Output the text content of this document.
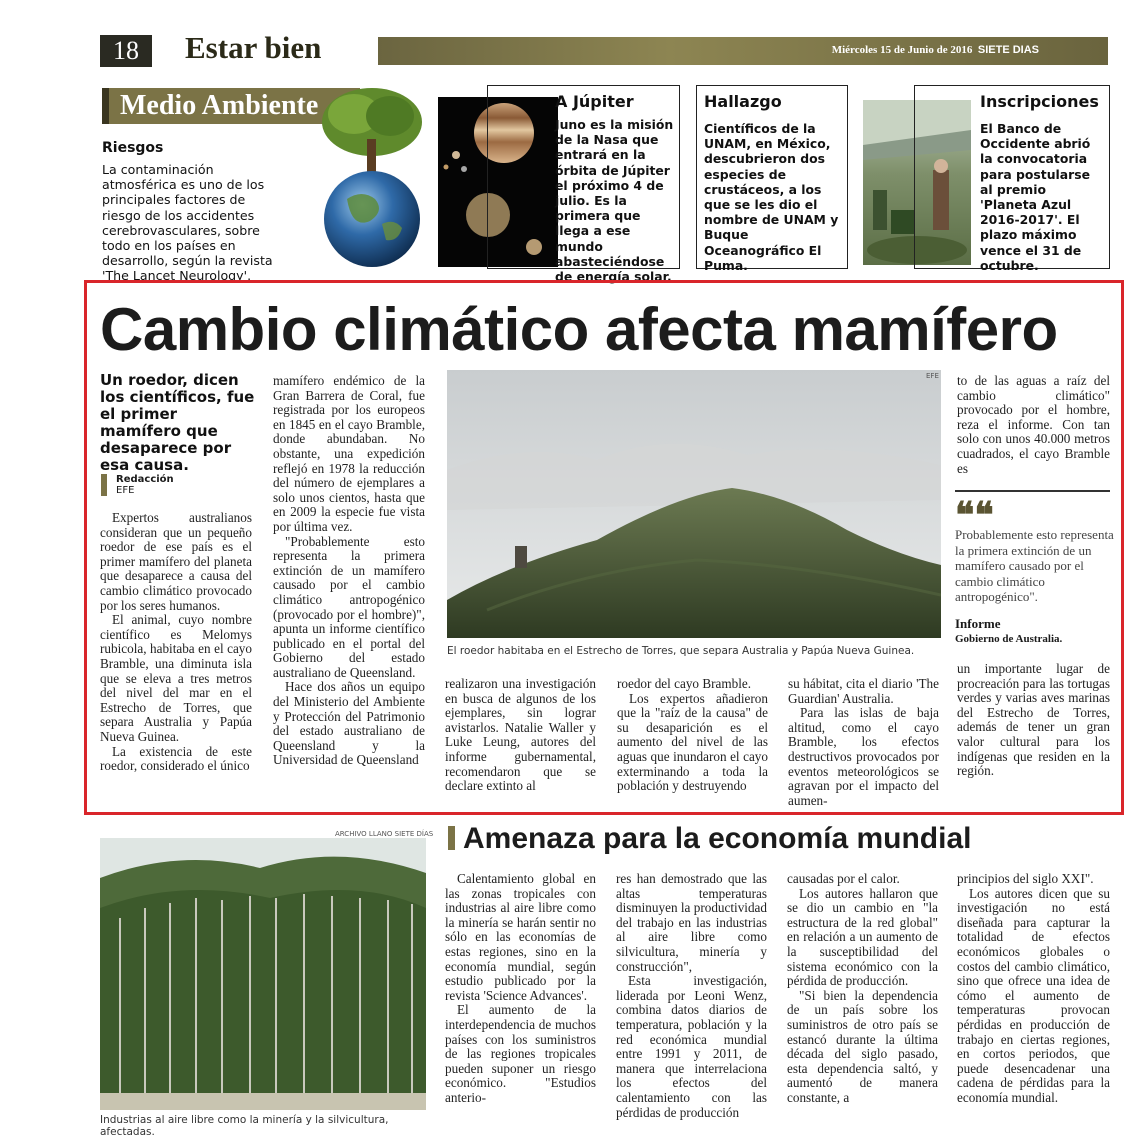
18	Estar bien	Miércoles 15 de Junio de 2016 SIETE DIAS
Medio Ambiente
Riesgos
La contaminación atmosférica es uno de los principales factores de riesgo de los accidentes cerebrovasculares, sobre todo en los países en desarrollo, según la revista 'The Lancet Neurology'.
A Júpiter
Juno es la misión de la Nasa que entrará en la órbita de Júpiter el próximo 4 de julio. Es la primera que llega a ese mundo abasteciéndose de energía solar.
Hallazgo
Científicos de la UNAM, en México, descubrieron dos especies de crustáceos, a los que se les dio el nombre de UNAM y Buque Oceanográfico El Puma.
Inscripciones
El Banco de Occidente abrió la convocatoria para postularse al premio 'Planeta Azul 2016-2017'. El plazo máximo vence el 31 de octubre.
Cambio climático afecta mamífero
Un roedor, dicen los científicos, fue el primer mamífero que desaparece por esa causa.
Redacción
EFE

Expertos australianos consideran que un pequeño roedor de ese país es el primer mamífero del planeta que desaparece a causa del cambio climático provocado por los seres humanos.

El animal, cuyo nombre científico es Melomys rubicola, habitaba en el cayo Bramble, una diminuta isla que se eleva a tres metros del nivel del mar en el Estrecho de Torres, que separa Australia y Papúa Nueva Guinea.

La existencia de este roedor, considerado el único

mamífero endémico de la Gran Barrera de Coral, fue registrada por los europeos en 1845 en el cayo Bramble, donde abundaban. No obstante, una expedición reflejó en 1978 la reducción del número de ejemplares a solo unos cientos, hasta que en 2009 la especie fue vista por última vez.

"Probablemente esto representa la primera extinción de un mamífero causado por el cambio climático antropogénico (provocado por el hombre)", apunta un informe científico publicado en el portal del Gobierno del estado australiano de Queensland.

Hace dos años un equipo del Ministerio del Ambiente y Protección del Patrimonio del estado australiano de Queensland y la Universidad de Queensland

EFE
El roedor habitaba en el Estrecho de Torres, que separa Australia y Papúa Nueva Guinea.

realizaron una investigación en busca de algunos de los ejemplares, sin lograr avistarlos. Natalie Waller y Luke Leung, autores del informe gubernamental, recomendaron que se declare extinto al

roedor del cayo Bramble.

Los expertos añadieron que la "raíz de la causa" de su desaparición es el aumento del nivel de las aguas que inundaron el cayo exterminando a toda la población y destruyendo

su hábitat, cita el diario 'The Guardian' Australia.

Para las islas de baja altitud, como el cayo Bramble, los efectos destructivos provocados por eventos meteorológicos se agravan por el impacto del aumen-

to de las aguas a raíz del cambio climático" provocado por el hombre, reza el informe. Con tan solo con unos 40.000 metros cuadrados, el cayo Bramble es

❝❝
Probablemente esto representa la primera extinción de un mamífero causado por el cambio climático antropogénico".
Informe
Gobierno de Australia.

un importante lugar de procreación para las tortugas verdes y varias aves marinas del Estrecho de Torres, además de tener un gran valor cultural para los indígenas que residen en la región.

Amenaza para la economía mundial
ARCHIVO LLANO SIETE DÍAS
Industrias al aire libre como la minería y la silvicultura, afectadas.

Calentamiento global en las zonas tropicales con industrias al aire libre como la minería se harán sentir no sólo en las economías de estas regiones, sino en la economía mundial, según estudio publicado por la revista 'Science Advances'.

El aumento de la interdependencia de muchos países con los suministros de las regiones tropicales pueden suponer un riesgo económico. "Estudios anterio-

res han demostrado que las altas temperaturas disminuyen la productividad del trabajo en las industrias al aire libre como silvicultura, minería y construcción",

Esta investigación, liderada por Leoni Wenz, combina datos diarios de temperatura, población y la red económica mundial entre 1991 y 2011, de manera que interrelaciona los efectos del calentamiento con las pérdidas de producción

causadas por el calor.

Los autores hallaron que se dio un cambio en "la estructura de la red global" en relación a un aumento de la susceptibilidad del sistema económico con la pérdida de producción.

"Si bien la dependencia de un país sobre los suministros de otro país se estancó durante la última década del siglo pasado, esta dependencia saltó, y aumentó de manera constante, a

principios del siglo XXI".

Los autores dicen que su investigación no está diseñada para capturar la totalidad de efectos económicos globales o costos del cambio climático, sino que ofrece una idea de cómo el aumento de temperaturas provocan pérdidas en producción de trabajo en ciertas regiones, en cortos periodos, que puede desencadenar una cadena de pérdidas para la economía mundial.
